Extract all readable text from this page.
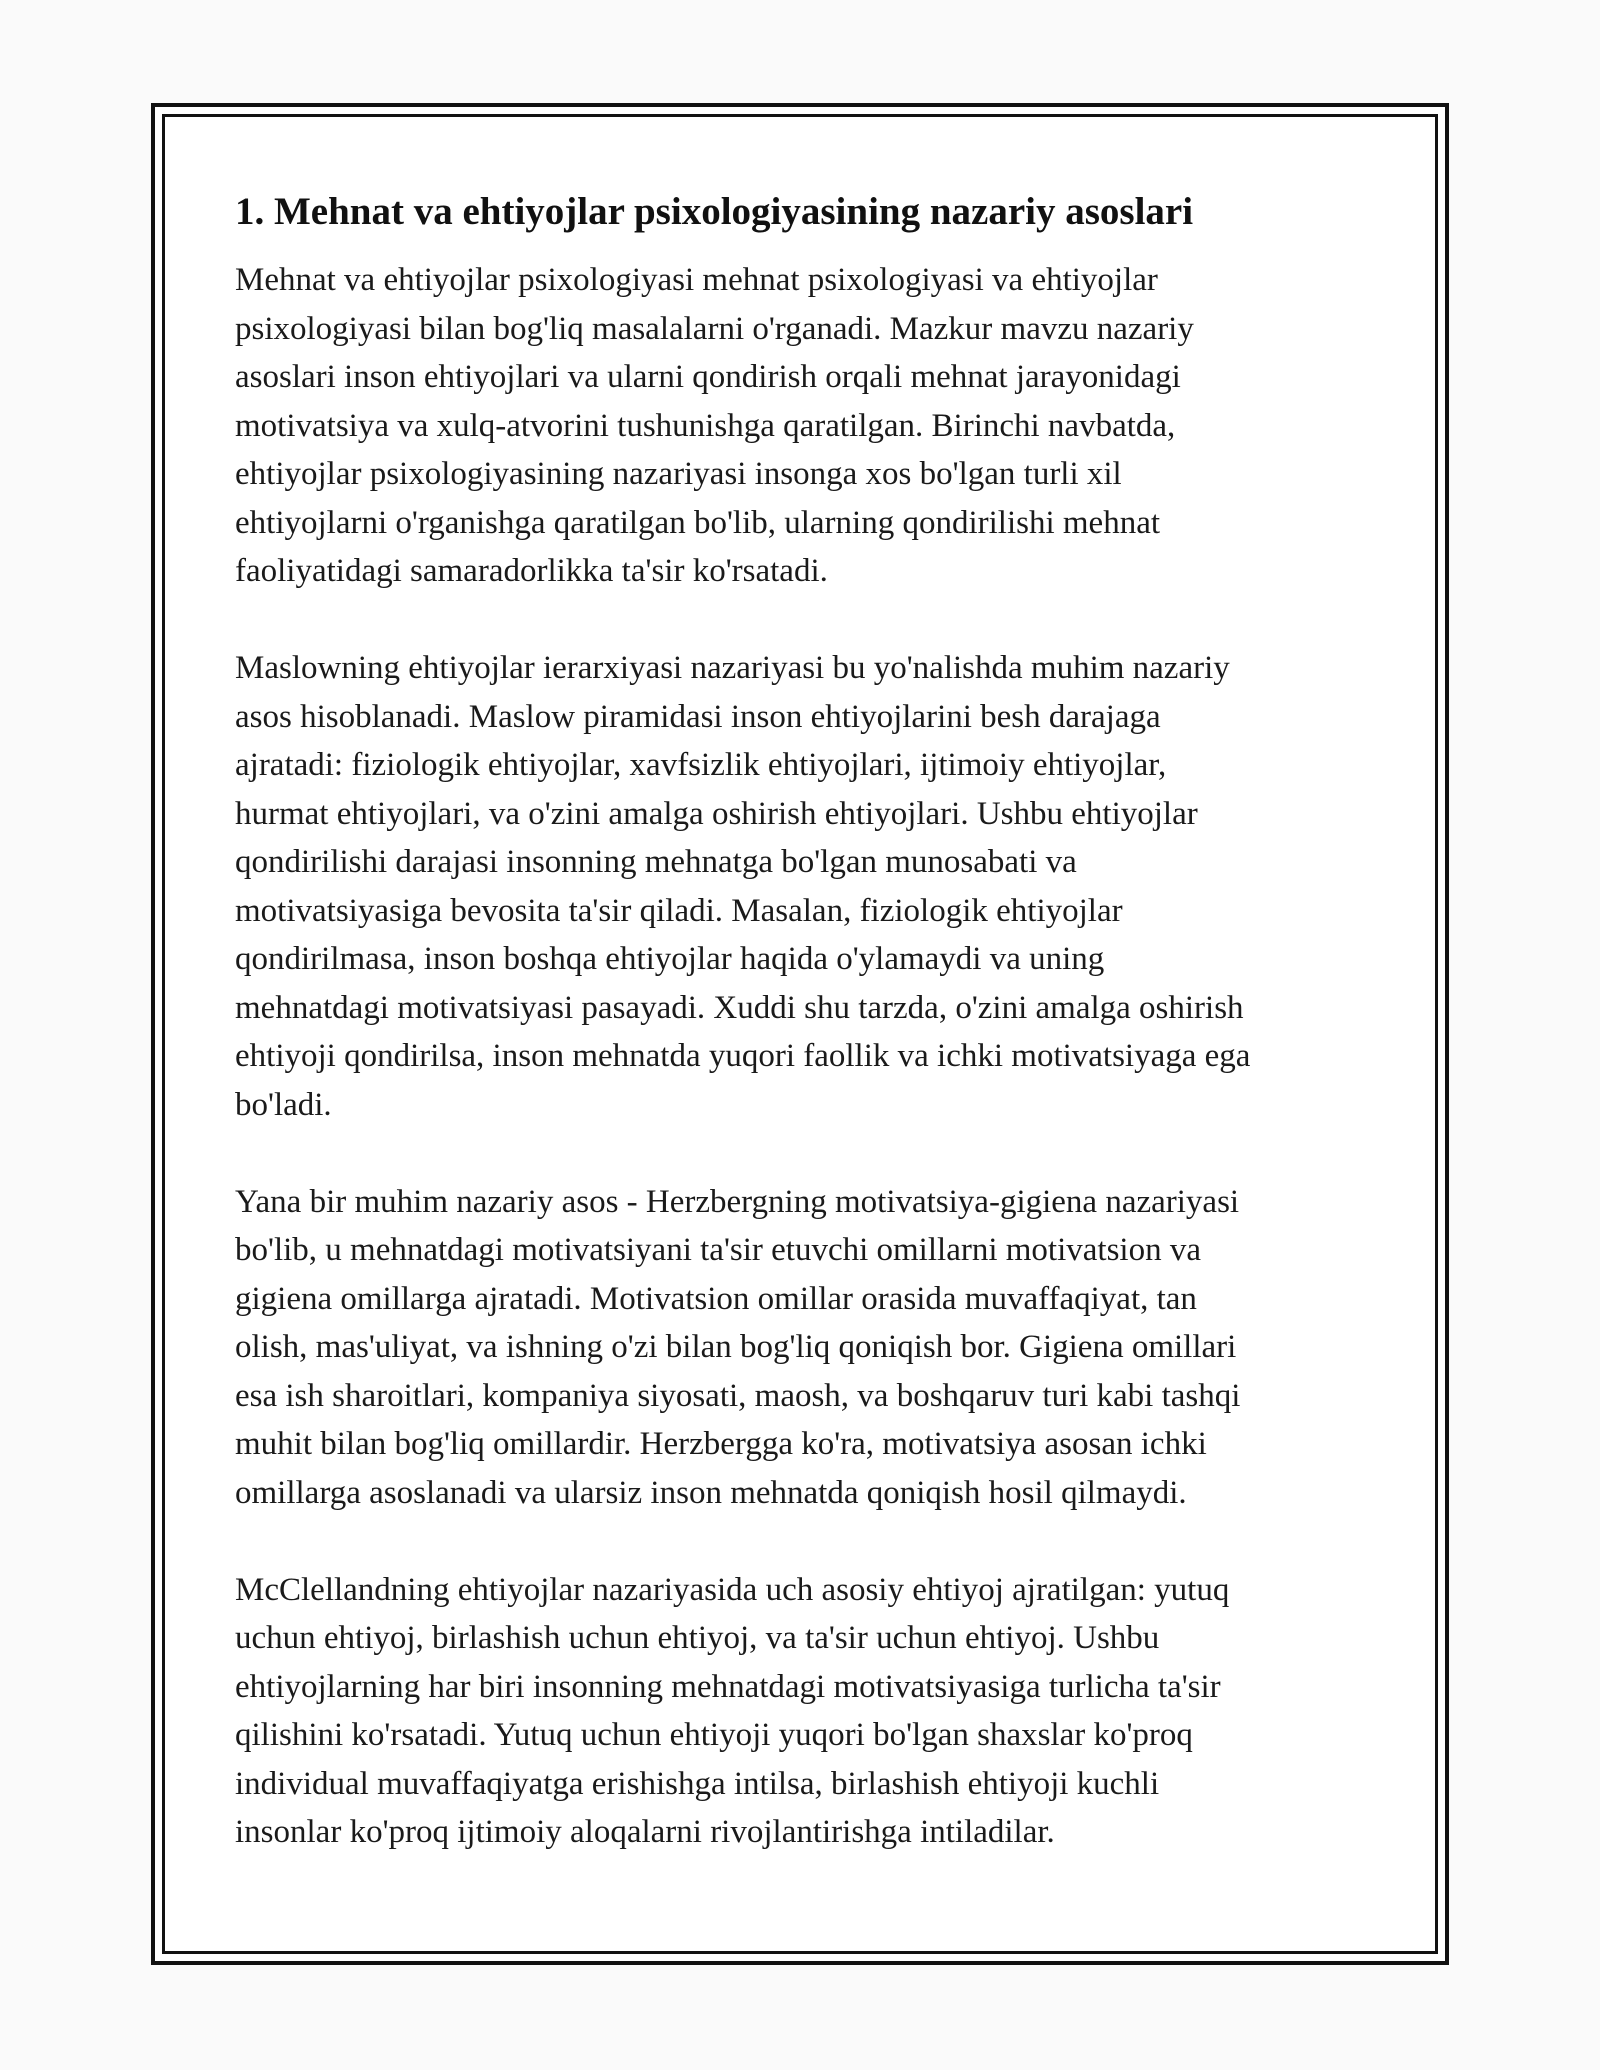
1. Mehnat va ehtiyojlar psixologiyasining nazariy asoslari

Mehnat va ehtiyojlar psixologiyasi mehnat psixologiyasi va ehtiyojlar
psixologiyasi bilan bog'liq masalalarni o'rganadi. Mazkur mavzu nazariy
asoslari inson ehtiyojlari va ularni qondirish orqali mehnat jarayonidagi
motivatsiya va xulq-atvorini tushunishga qaratilgan. Birinchi navbatda,
ehtiyojlar psixologiyasining nazariyasi insonga xos bo'lgan turli xil
ehtiyojlarni o'rganishga qaratilgan bo'lib, ularning qondirilishi mehnat
faoliyatidagi samaradorlikka ta'sir ko'rsatadi.

Maslowning ehtiyojlar ierarxiyasi nazariyasi bu yo'nalishda muhim nazariy
asos hisoblanadi. Maslow piramidasi inson ehtiyojlarini besh darajaga
ajratadi: fiziologik ehtiyojlar, xavfsizlik ehtiyojlari, ijtimoiy ehtiyojlar,
hurmat ehtiyojlari, va o'zini amalga oshirish ehtiyojlari. Ushbu ehtiyojlar
qondirilishi darajasi insonning mehnatga bo'lgan munosabati va
motivatsiyasiga bevosita ta'sir qiladi. Masalan, fiziologik ehtiyojlar
qondirilmasa, inson boshqa ehtiyojlar haqida o'ylamaydi va uning
mehnatdagi motivatsiyasi pasayadi. Xuddi shu tarzda, o'zini amalga oshirish
ehtiyoji qondirilsa, inson mehnatda yuqori faollik va ichki motivatsiyaga ega
bo'ladi.

Yana bir muhim nazariy asos - Herzbergning motivatsiya-gigiena nazariyasi
bo'lib, u mehnatdagi motivatsiyani ta'sir etuvchi omillarni motivatsion va
gigiena omillarga ajratadi. Motivatsion omillar orasida muvaffaqiyat, tan
olish, mas'uliyat, va ishning o'zi bilan bog'liq qoniqish bor. Gigiena omillari
esa ish sharoitlari, kompaniya siyosati, maosh, va boshqaruv turi kabi tashqi
muhit bilan bog'liq omillardir. Herzbergga ko'ra, motivatsiya asosan ichki
omillarga asoslanadi va ularsiz inson mehnatda qoniqish hosil qilmaydi.

McClellandning ehtiyojlar nazariyasida uch asosiy ehtiyoj ajratilgan: yutuq
uchun ehtiyoj, birlashish uchun ehtiyoj, va ta'sir uchun ehtiyoj. Ushbu
ehtiyojlarning har biri insonning mehnatdagi motivatsiyasiga turlicha ta'sir
qilishini ko'rsatadi. Yutuq uchun ehtiyoji yuqori bo'lgan shaxslar ko'proq
individual muvaffaqiyatga erishishga intilsa, birlashish ehtiyoji kuchli
insonlar ko'proq ijtimoiy aloqalarni rivojlantirishga intiladilar.
